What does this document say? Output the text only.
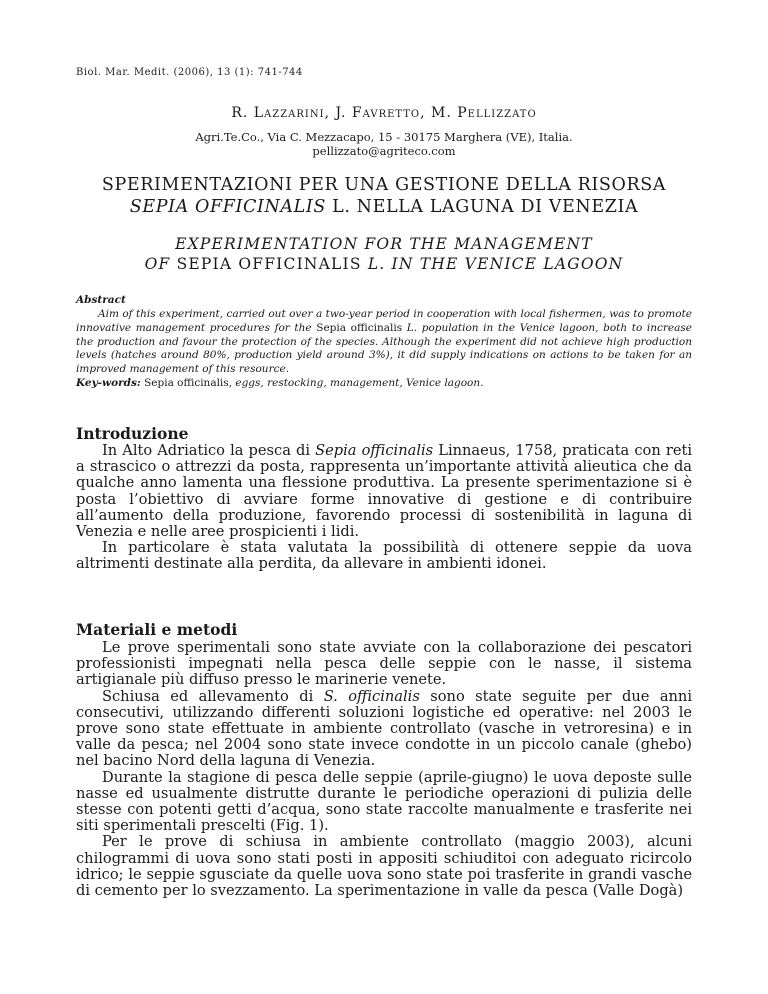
Biol. Mar. Medit. (2006), 13 (1): 741-744
R. Lazzarini, J. Favretto, M. Pellizzato
Agri.Te.Co., Via C. Mezzacapo, 15 - 30175 Marghera (VE), Italia.
pellizzato@agriteco.com
SPERIMENTAZIONI PER UNA GESTIONE DELLA RISORSA
SEPIA OFFICINALIS L. NELLA LAGUNA DI VENEZIA
EXPERIMENTATION FOR THE MANAGEMENT
OF SEPIA OFFICINALIS L. IN THE VENICE LAGOON
Abstract
Aim of this experiment, carried out over a two-year period in cooperation with local fishermen, was to promote innovative management procedures for the Sepia officinalis L. population in the Venice lagoon, both to increase the production and favour the protection of the species. Although the experiment did not achieve high production levels (hatches around 80%, production yield around 3%), it did supply indications on actions to be taken for an improved management of this resource.
Key-words: Sepia officinalis, eggs, restocking, management, Venice lagoon.
Introduzione

In Alto Adriatico la pesca di Sepia officinalis Linnaeus, 1758, praticata con reti a strascico o attrezzi da posta, rappresenta un’importante attività alieutica che da qualche anno lamenta una flessione produttiva. La presente sperimentazione si è posta l’obiettivo di avviare forme innovative di gestione e di contribuire all’aumento della produzione, favorendo processi di sostenibilità in laguna di Venezia e nelle aree prospicienti i lidi.

In particolare è stata valutata la possibilità di ottenere seppie da uova altrimenti destinate alla perdita, da allevare in ambienti idonei.

Materiali e metodi

Le prove sperimentali sono state avviate con la collaborazione dei pescatori professionisti impegnati nella pesca delle seppie con le nasse, il sistema artigianale più diffuso presso le marinerie venete.

Schiusa ed allevamento di S. officinalis sono state seguite per due anni consecutivi, utilizzando differenti soluzioni logistiche ed operative: nel 2003 le prove sono state effettuate in ambiente controllato (vasche in vetroresina) e in valle da pesca; nel 2004 sono state invece condotte in un piccolo canale (ghebo) nel bacino Nord della laguna di Venezia.

Durante la stagione di pesca delle seppie (aprile-giugno) le uova deposte sulle nasse ed usualmente distrutte durante le periodiche operazioni di pulizia delle stesse con potenti getti d’acqua, sono state raccolte manualmente e trasferite nei siti sperimentali prescelti (Fig. 1).

Per le prove di schiusa in ambiente controllato (maggio 2003), alcuni chilogrammi di uova sono stati posti in appositi schiuditoi con adeguato ricircolo idrico; le seppie sgusciate da quelle uova sono state poi trasferite in grandi vasche di cemento per lo svezzamento. La sperimentazione in valle da pesca (Valle Dogà)
